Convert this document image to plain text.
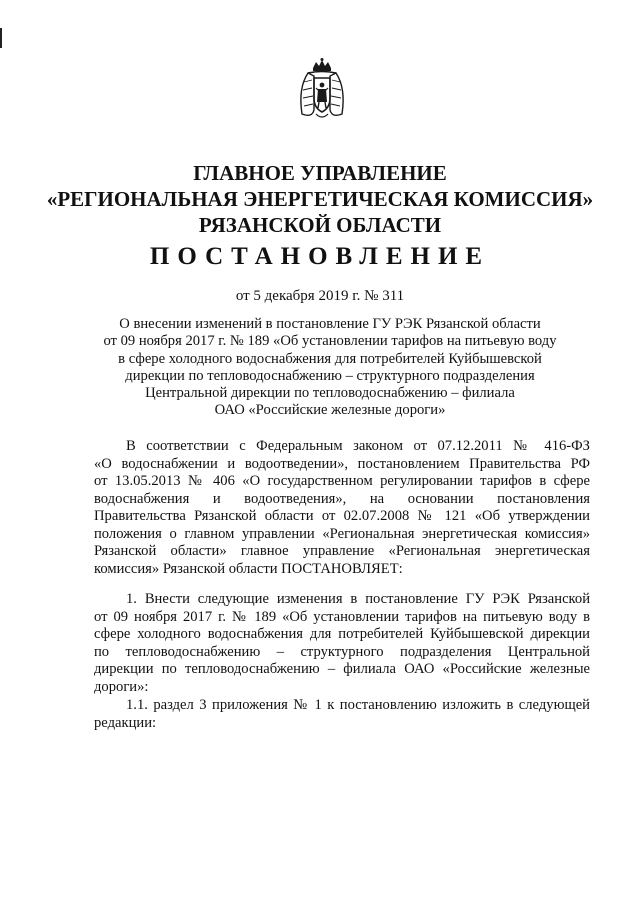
ГЛАВНОЕ УПРАВЛЕНИЕ
«РЕГИОНАЛЬНАЯ ЭНЕРГЕТИЧЕСКАЯ КОМИССИЯ»
РЯЗАНСКОЙ ОБЛАСТИ
ПОСТАНОВЛЕНИЕ
от 5 декабря 2019 г. № 311
О внесении изменений в постановление ГУ РЭК Рязанской области
от 09 ноября 2017 г. № 189 «Об установлении тарифов на питьевую воду
в сфере холодного водоснабжения для потребителей Куйбышевской
дирекции по тепловодоснабжению – структурного подразделения
Центральной дирекции по тепловодоснабжению – филиала
ОАО «Российские железные дороги»
В соответствии с Федеральным законом от 07.12.2011 № 416-ФЗ
«О водоснабжении и водоотведении», постановлением Правительства РФ
от 13.05.2013 № 406 «О государственном регулировании тарифов в сфере
водоснабжения и водоотведения», на основании постановления
Правительства Рязанской области от 02.07.2008 № 121 «Об утверждении
положения о главном управлении «Региональная энергетическая комиссия»
Рязанской области» главное управление «Региональная энергетическая
комиссия» Рязанской области ПОСТАНОВЛЯЕТ:
1. Внести следующие изменения в постановление ГУ РЭК Рязанской
от 09 ноября 2017 г. № 189 «Об установлении тарифов на питьевую воду в
сфере холодного водоснабжения для потребителей Куйбышевской дирекции
по тепловодоснабжению – структурного подразделения Центральной
дирекции по тепловодоснабжению – филиала ОАО «Российские железные
дороги»:
1.1. раздел 3 приложения № 1 к постановлению изложить в следующей
редакции:
